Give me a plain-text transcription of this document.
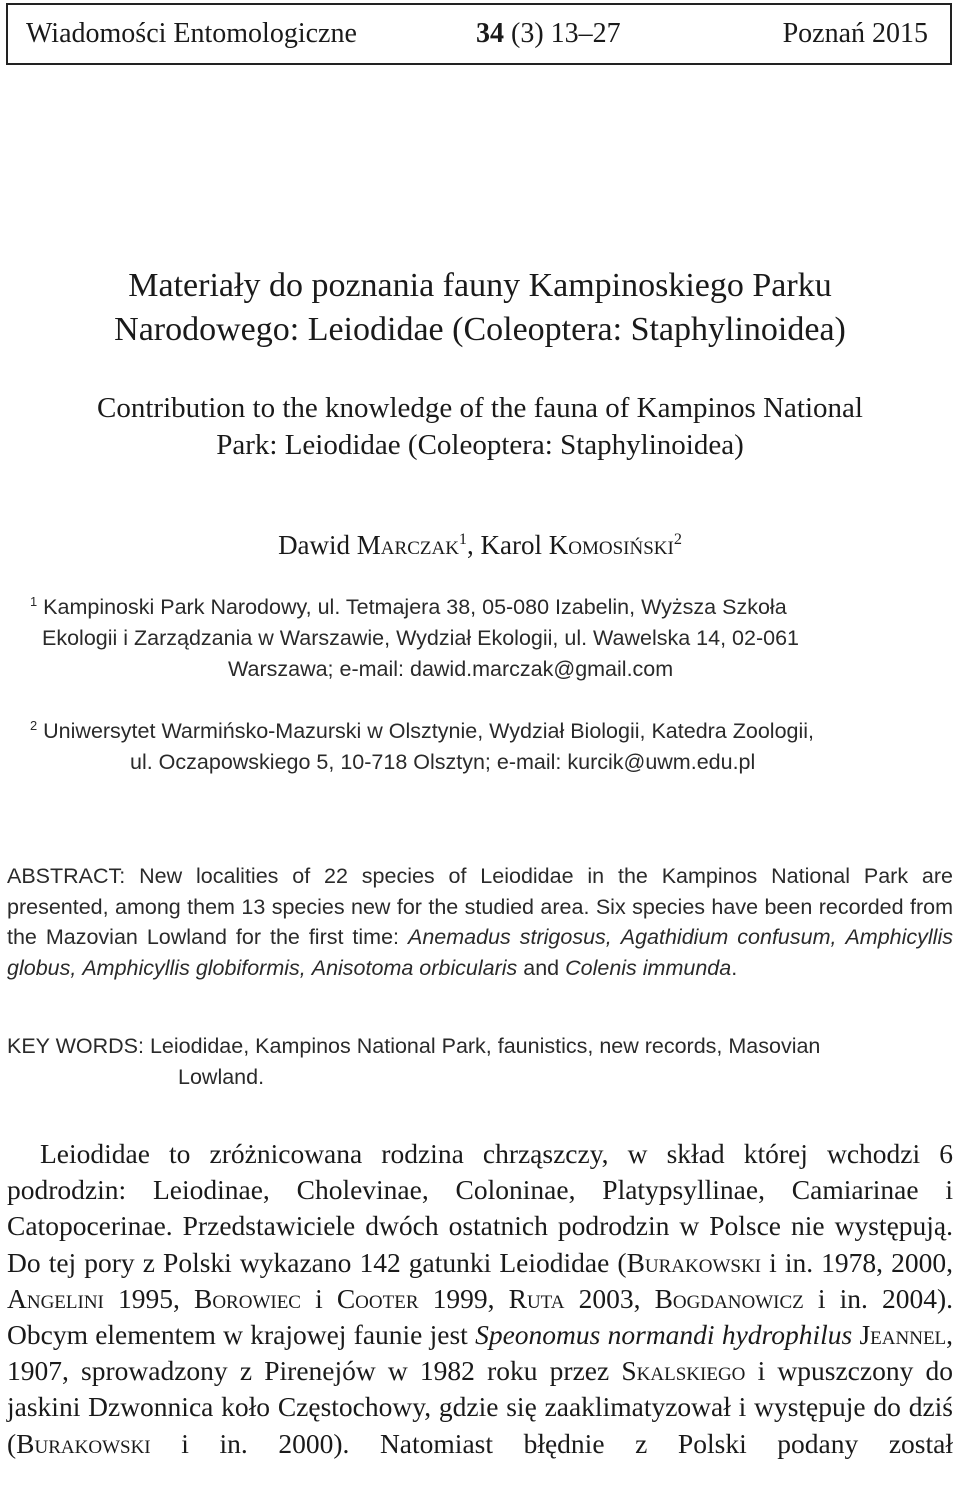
Wiadomości Entomologiczne	34 (3) 13–27	Poznań 2015
Materiały do poznania fauny Kampinoskiego Parku
Narodowego: Leiodidae (Coleoptera: Staphylinoidea)
Contribution to the knowledge of the fauna of Kampinos National
Park: Leiodidae (Coleoptera: Staphylinoidea)
Dawid Marczak$^1$, Karol Komosiński$^2$
$^1$ Kampinoski Park Narodowy, ul. Tetmajera 38, 05-080 Izabelin, Wyższa Szkoła
Ekologii i Zarządzania w Warszawie, Wydział Ekologii, ul. Wawelska 14, 02-061
Warszawa; e-mail: dawid.marczak@gmail.com
$^2$ Uniwersytet Warmińsko-Mazurski w Olsztynie, Wydział Biologii, Katedra Zoologii,
ul. Oczapowskiego 5, 10-718 Olsztyn; e-mail: kurcik@uwm.edu.pl
ABSTRACT: New localities of 22 species of Leiodidae in the Kampinos National Park are presented, among them 13 species new for the studied area. Six species have been recorded from the Mazovian Lowland for the first time: Anemadus strigosus, Agathidium confusum, Amphicyllis globus, Amphicyllis globiformis, Anisotoma orbicularis and Colenis immunda.
KEY WORDS: Leiodidae, Kampinos National Park, faunistics, new records, Masovian
Lowland.

Leiodidae to zróżnicowana rodzina chrząszczy, w skład której wchodzi 6 podrodzin: Leiodinae, Cholevinae, Coloninae, Platypsyllinae, Camiarinae i Catopocerinae. Przedstawiciele dwóch ostatnich podrodzin w Polsce nie występują. Do tej pory z Polski wykazano 142 gatunki Leiodidae (Burakowski i in. 1978, 2000, Angelini 1995, Borowiec i Cooter 1999, Ruta 2003, Bogdanowicz i in. 2004). Obcym elementem w krajowej faunie jest Speonomus normandi hydrophilus Jeannel, 1907, sprowadzony z Pirenejów w 1982 roku przez Skalskiego i wpuszczony do jaskini Dzwonnica koło Częstochowy, gdzie się zaaklimatyzował i występuje do dziś (Burakowski i in. 2000). Natomiast błędnie z Polski podany został
